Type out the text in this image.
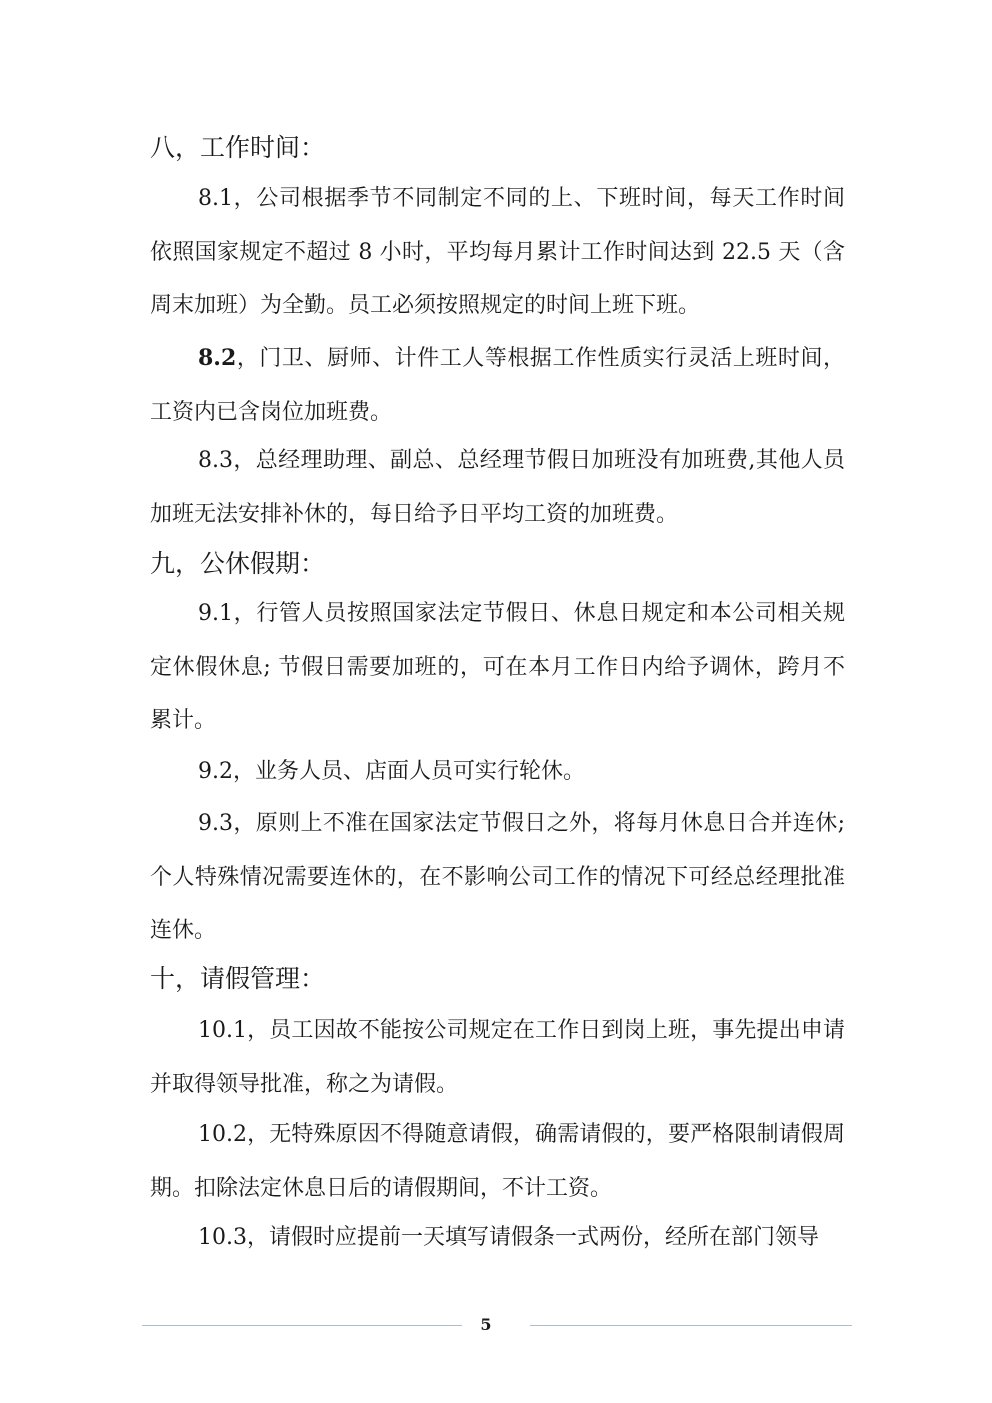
八，工作时间：

8.1，公司根据季节不同制定不同的上、下班时间，每天工作时间依照国家规定不超过 8 小时，平均每月累计工作时间达到 22.5 天（含周末加班）为全勤。员工必须按照规定的时间上班下班。

8.2，门卫、厨师、计件工人等根据工作性质实行灵活上班时间，工资内已含岗位加班费。

8.3，总经理助理、副总、总经理节假日加班没有加班费,其他人员加班无法安排补休的，每日给予日平均工资的加班费。

九，公休假期：

9.1，行管人员按照国家法定节假日、休息日规定和本公司相关规定休假休息; 节假日需要加班的，可在本月工作日内给予调休，跨月不累计。

9.2，业务人员、店面人员可实行轮休。

9.3，原则上不准在国家法定节假日之外，将每月休息日合并连休; 个人特殊情况需要连休的，在不影响公司工作的情况下可经总经理批准连休。

十，请假管理：

10.1，员工因故不能按公司规定在工作日到岗上班，事先提出申请并取得领导批准，称之为请假。

10.2，无特殊原因不得随意请假，确需请假的，要严格限制请假周期。扣除法定休息日后的请假期间，不计工资。

10.3，请假时应提前一天填写请假条一式两份，经所在部门领导

5
